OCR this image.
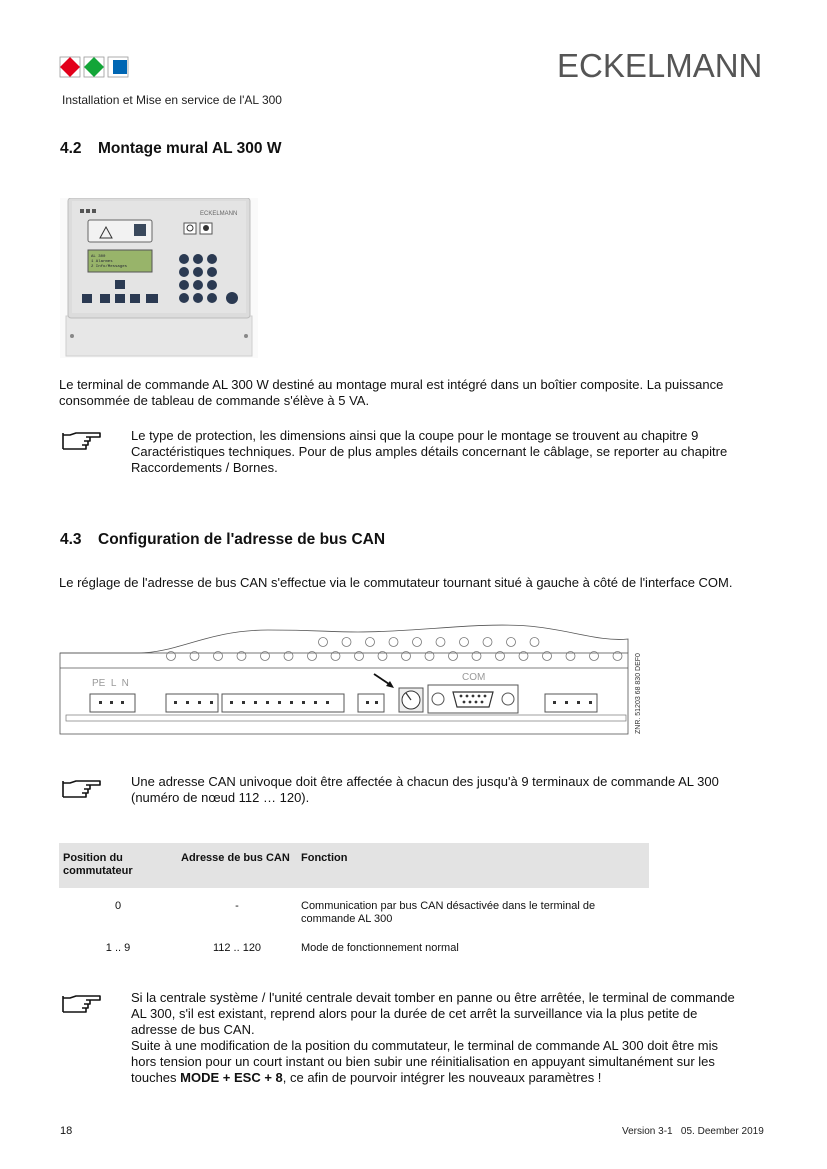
ECKELMANN
Installation et Mise en service de l'AL 300
4.2 Montage mural AL 300 W
ECKELMANN
AL 300
1 Alarmes
2 Info/Messages
Le terminal de commande AL 300 W destiné au montage mural est intégré dans un boîtier composite. La puissance consommée de tableau de commande s'élève à 5 VA.
Le type de protection, les dimensions ainsi que la coupe pour le montage se trouvent au chapitre 9 Caractéristiques techniques. Pour de plus amples détails concernant le câblage, se reporter au chapitre Raccordements / Bornes.
4.3 Configuration de l'adresse de bus CAN
Le réglage de l'adresse de bus CAN s'effectue via le commutateur tournant situé à gauche à côté de l'interface COM.
PE  L  N
COM	ZNR. 51203 68 830 DEF0
Une adresse CAN univoque doit être affectée à chacun des jusqu'à 9 terminaux de commande AL 300 (numéro de nœud 112 … 120).
Position du commutateur	Adresse de bus CAN	Fonction
0	-	Communication par bus CAN désactivée dans le terminal de commande AL 300
1 .. 9	112 .. 120	Mode de fonctionnement normal
Si la centrale système / l'unité centrale devait tomber en panne ou être arrêtée, le terminal de commande AL 300, s'il est existant, reprend alors pour la durée de cet arrêt la surveillance via la plus petite de adresse de bus CAN.
Suite à une modification de la position du commutateur, le terminal de commande AL 300 doit être mis hors tension pour un court instant ou bien subir une réinitialisation en appuyant simultanément sur les touches MODE + ESC + 8, ce afin de pourvoir intégrer les nouveaux paramètres !
18	Version 3-1   05. Deember 2019
